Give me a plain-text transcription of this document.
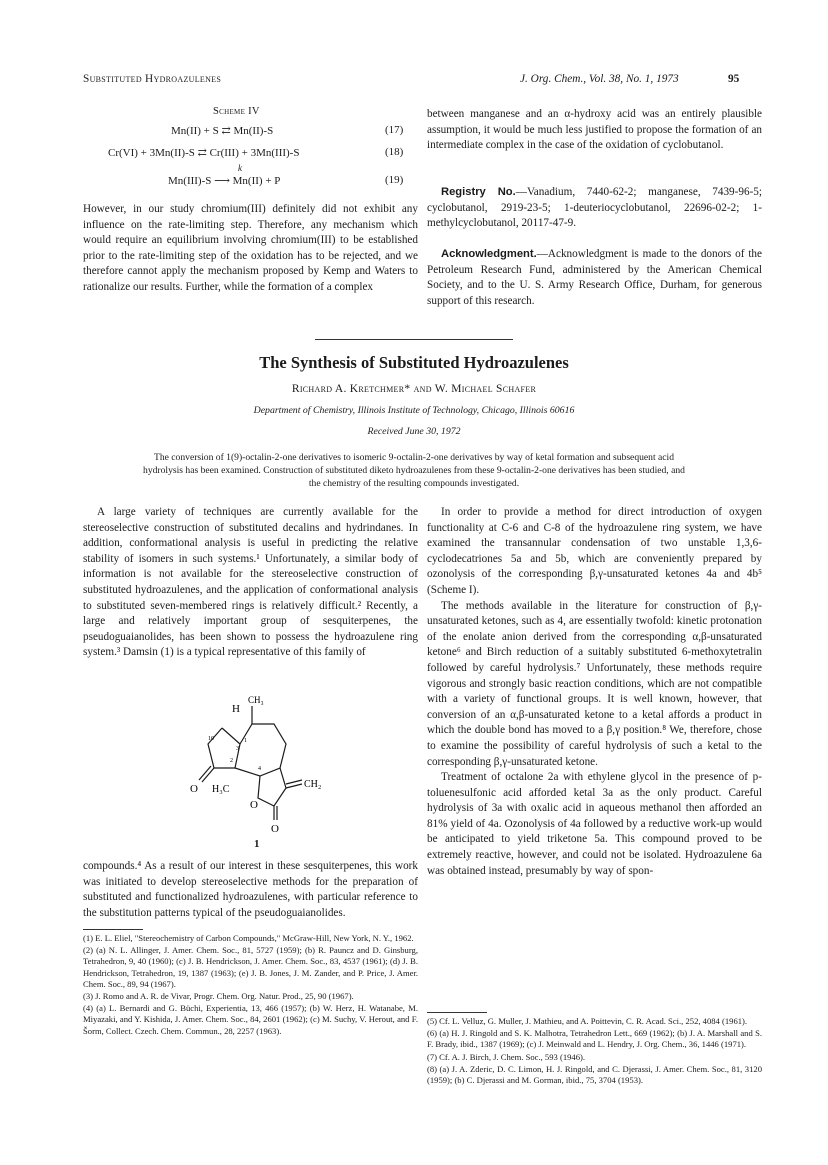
Substituted Hydroazulenes	J. Org. Chem., Vol. 38, No. 1, 1973	95
Scheme IV
Mn(II) + S ⇄ Mn(II)-S	(17)
Cr(VI) + 3Mn(II)-S ⇄ Cr(III) + 3Mn(III)-S	(18)
k
Mn(III)-S ⟶ Mn(II) + P	(19)

However, in our study chromium(III) definitely did not exhibit any influence on the rate-limiting step. Therefore, any mechanism which would require an equilibrium involving chromium(III) to be established prior to the rate-limiting step of the oxidation has to be rejected, and we therefore cannot apply the mechanism proposed by Kemp and Waters to rationalize our results. Further, while the formation of a complex

between manganese and an α-hydroxy acid was an entirely plausible assumption, it would be much less justified to propose the formation of an intermediate complex in the case of the oxidation of cyclobutanol.

Registry No.—Vanadium, 7440-62-2; manganese, 7439-96-5; cyclobutanol, 2919-23-5; 1-deuteriocyclobutanol, 22696-02-2; 1-methylcyclobutanol, 20117-47-9.

Acknowledgment.—Acknowledgment is made to the donors of the Petroleum Research Fund, administered by the American Chemical Society, and to the U. S. Army Research Office, Durham, for generous support of this research.

The Synthesis of Substituted Hydroazulenes
Richard A. Kretchmer* and W. Michael Schafer
Department of Chemistry, Illinois Institute of Technology, Chicago, Illinois 60616
Received June 30, 1972
The conversion of 1(9)-octalin-2-one derivatives to isomeric 9-octalin-2-one derivatives by way of ketal formation and subsequent acid hydrolysis has been examined. Construction of substituted diketo hydroazulenes from these 9-octalin-2-one derivatives has been studied, and the chemistry of the resulting compounds investigated.

A large variety of techniques are currently available for the stereoselective construction of substituted decalins and hydrindanes. In addition, conformational analysis is useful in predicting the relative stability of isomers in such systems.¹ Unfortunately, a similar body of information is not available for the stereoselective construction of substituted hydroazulenes, and the application of conformational analysis to substituted seven-membered rings is relatively difficult.² Recently, a large and relatively important group of sesquiterpenes, the pseudoguaianolides, has been shown to possess the hydroazulene ring system.³ Damsin (1) is a typical representative of this family of

H
CH₃
10	1
2
3
4
O H₃C
O
CH₂
O
1

compounds.⁴ As a result of our interest in these sesquiterpenes, this work was initiated to develop stereoselective methods for the preparation of substituted and functionalized hydroazulenes, with particular reference to the substitution patterns typical of the pseudoguaianolides.

(1) E. L. Eliel, "Stereochemistry of Carbon Compounds," McGraw-Hill, New York, N. Y., 1962.

(2) (a) N. L. Allinger, J. Amer. Chem. Soc., 81, 5727 (1959); (b) R. Pauncz and D. Ginsburg, Tetrahedron, 9, 40 (1960); (c) J. B. Hendrickson, J. Amer. Chem. Soc., 83, 4537 (1961); (d) J. B. Hendrickson, Tetrahedron, 19, 1387 (1963); (e) J. B. Jones, J. M. Zander, and P. Price, J. Amer. Chem. Soc., 89, 94 (1967).

(3) J. Romo and A. R. de Vivar, Progr. Chem. Org. Natur. Prod., 25, 90 (1967).

(4) (a) L. Bernardi and G. Büchi, Experientia, 13, 466 (1957); (b) W. Herz, H. Watanabe, M. Miyazaki, and Y. Kishida, J. Amer. Chem. Soc., 84, 2601 (1962); (c) M. Suchy, V. Herout, and F. Šorm, Collect. Czech. Chem. Commun., 28, 2257 (1963).

In order to provide a method for direct introduction of oxygen functionality at C-6 and C-8 of the hydroazulene ring system, we have examined the transannular condensation of two unstable 1,3,6-cyclodecatriones 5a and 5b, which are conveniently prepared by ozonolysis of the corresponding β,γ-unsaturated ketones 4a and 4b⁵ (Scheme I).

The methods available in the literature for construction of β,γ-unsaturated ketones, such as 4, are essentially twofold: kinetic protonation of the enolate anion derived from the corresponding α,β-unsaturated ketone⁶ and Birch reduction of a suitably substituted 6-methoxytetralin followed by careful hydrolysis.⁷ Unfortunately, these methods require vigorous and strongly basic reaction conditions, which are not compatible with a variety of functional groups. It is well known, however, that conversion of an α,β-unsaturated ketone to a ketal affords a product in which the double bond has moved to a β,γ position.⁸ We, therefore, chose to examine the possibility of careful hydrolysis of such a ketal to the corresponding β,γ-unsaturated ketone.

Treatment of octalone 2a with ethylene glycol in the presence of p-toluenesulfonic acid afforded ketal 3a as the only product. Careful hydrolysis of 3a with oxalic acid in aqueous methanol then afforded an 81% yield of 4a. Ozonolysis of 4a followed by a reductive work-up would be anticipated to yield triketone 5a. This compound proved to be extremely reactive, however, and could not be isolated. Hydroazulene 6a was obtained instead, presumably by way of spon-

(5) Cf. L. Velluz, G. Muller, J. Mathieu, and A. Poittevin, C. R. Acad. Sci., 252, 4084 (1961).

(6) (a) H. J. Ringold and S. K. Malhotra, Tetrahedron Lett., 669 (1962); (b) J. A. Marshall and S. F. Brady, ibid., 1387 (1969); (c) J. Meinwald and L. Hendry, J. Org. Chem., 36, 1446 (1971).

(7) Cf. A. J. Birch, J. Chem. Soc., 593 (1946).

(8) (a) J. A. Zderic, D. C. Limon, H. J. Ringold, and C. Djerassi, J. Amer. Chem. Soc., 81, 3120 (1959); (b) C. Djerassi and M. Gorman, ibid., 75, 3704 (1953).
